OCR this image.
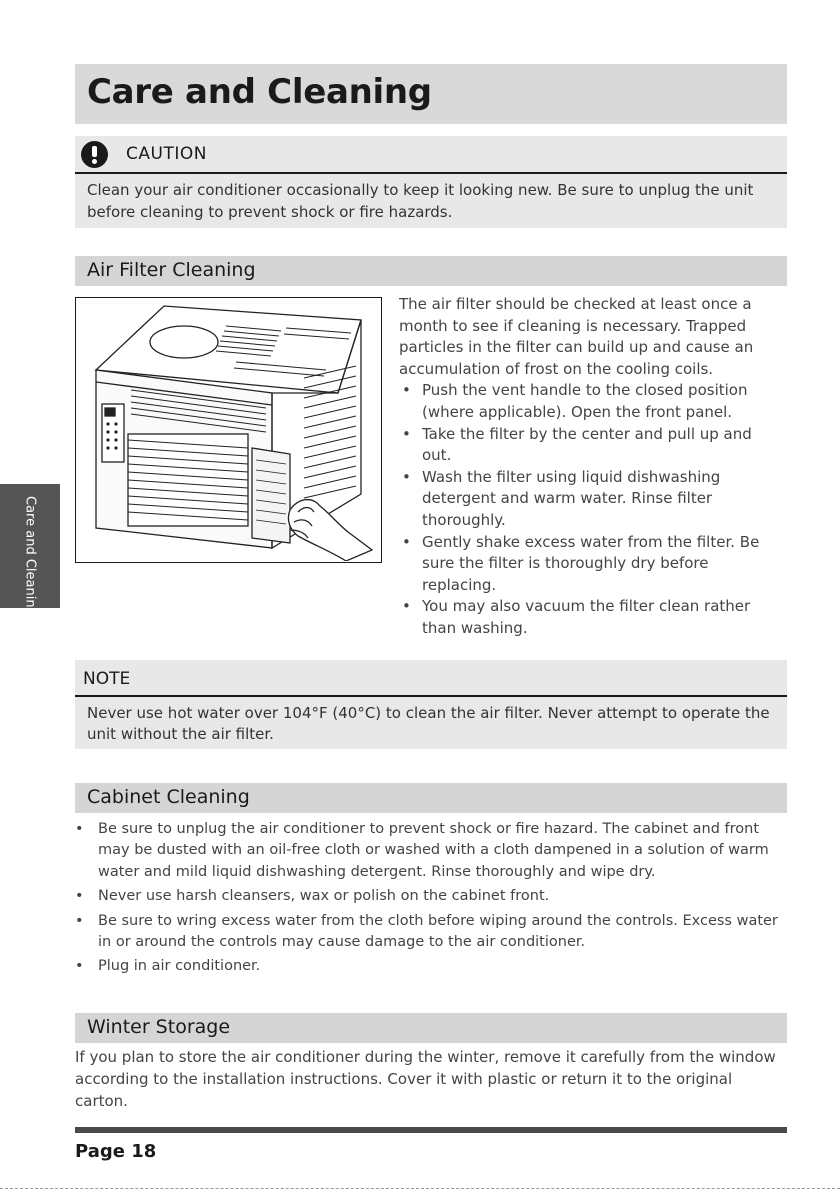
Care and Cleaning
CAUTION

Clean your air conditioner occasionally to keep it looking new. Be sure to unplug the unit before cleaning to prevent shock or fire hazards.

Air Filter Cleaning

The air filter should be checked at least once a month to see if cleaning is necessary. Trapped particles in the filter can build up and cause an accumulation of frost on the cooling coils.

• Push the vent handle to the closed position (where applicable). Open the front panel.
• Take the filter by the center and pull up and out.
• Wash the filter using liquid dishwashing detergent and warm water. Rinse filter thoroughly.
• Gently shake excess water from the filter. Be sure the filter is thoroughly dry before replacing.
• You may also vacuum the filter clean rather than washing.
NOTE

Never use hot water over 104°F (40°C) to clean the air filter. Never attempt to operate the unit without the air filter.

Cabinet Cleaning
• Be sure to unplug the air conditioner to prevent shock or fire hazard. The cabinet and front may be dusted with an oil-free cloth or washed with a cloth dampened in a solution of warm water and mild liquid dishwashing detergent. Rinse thoroughly and wipe dry.
• Never use harsh cleansers, wax or polish on the cabinet front.
• Be sure to wring excess water from the cloth before wiping around the controls. Excess water in or around the controls may cause damage to the air conditioner.
• Plug in air conditioner.
Winter Storage

If you plan to store the air conditioner during the winter, remove it carefully from the window according to the installation instructions. Cover it with plastic or return it to the original carton.

Page 18
Care and Cleaning
